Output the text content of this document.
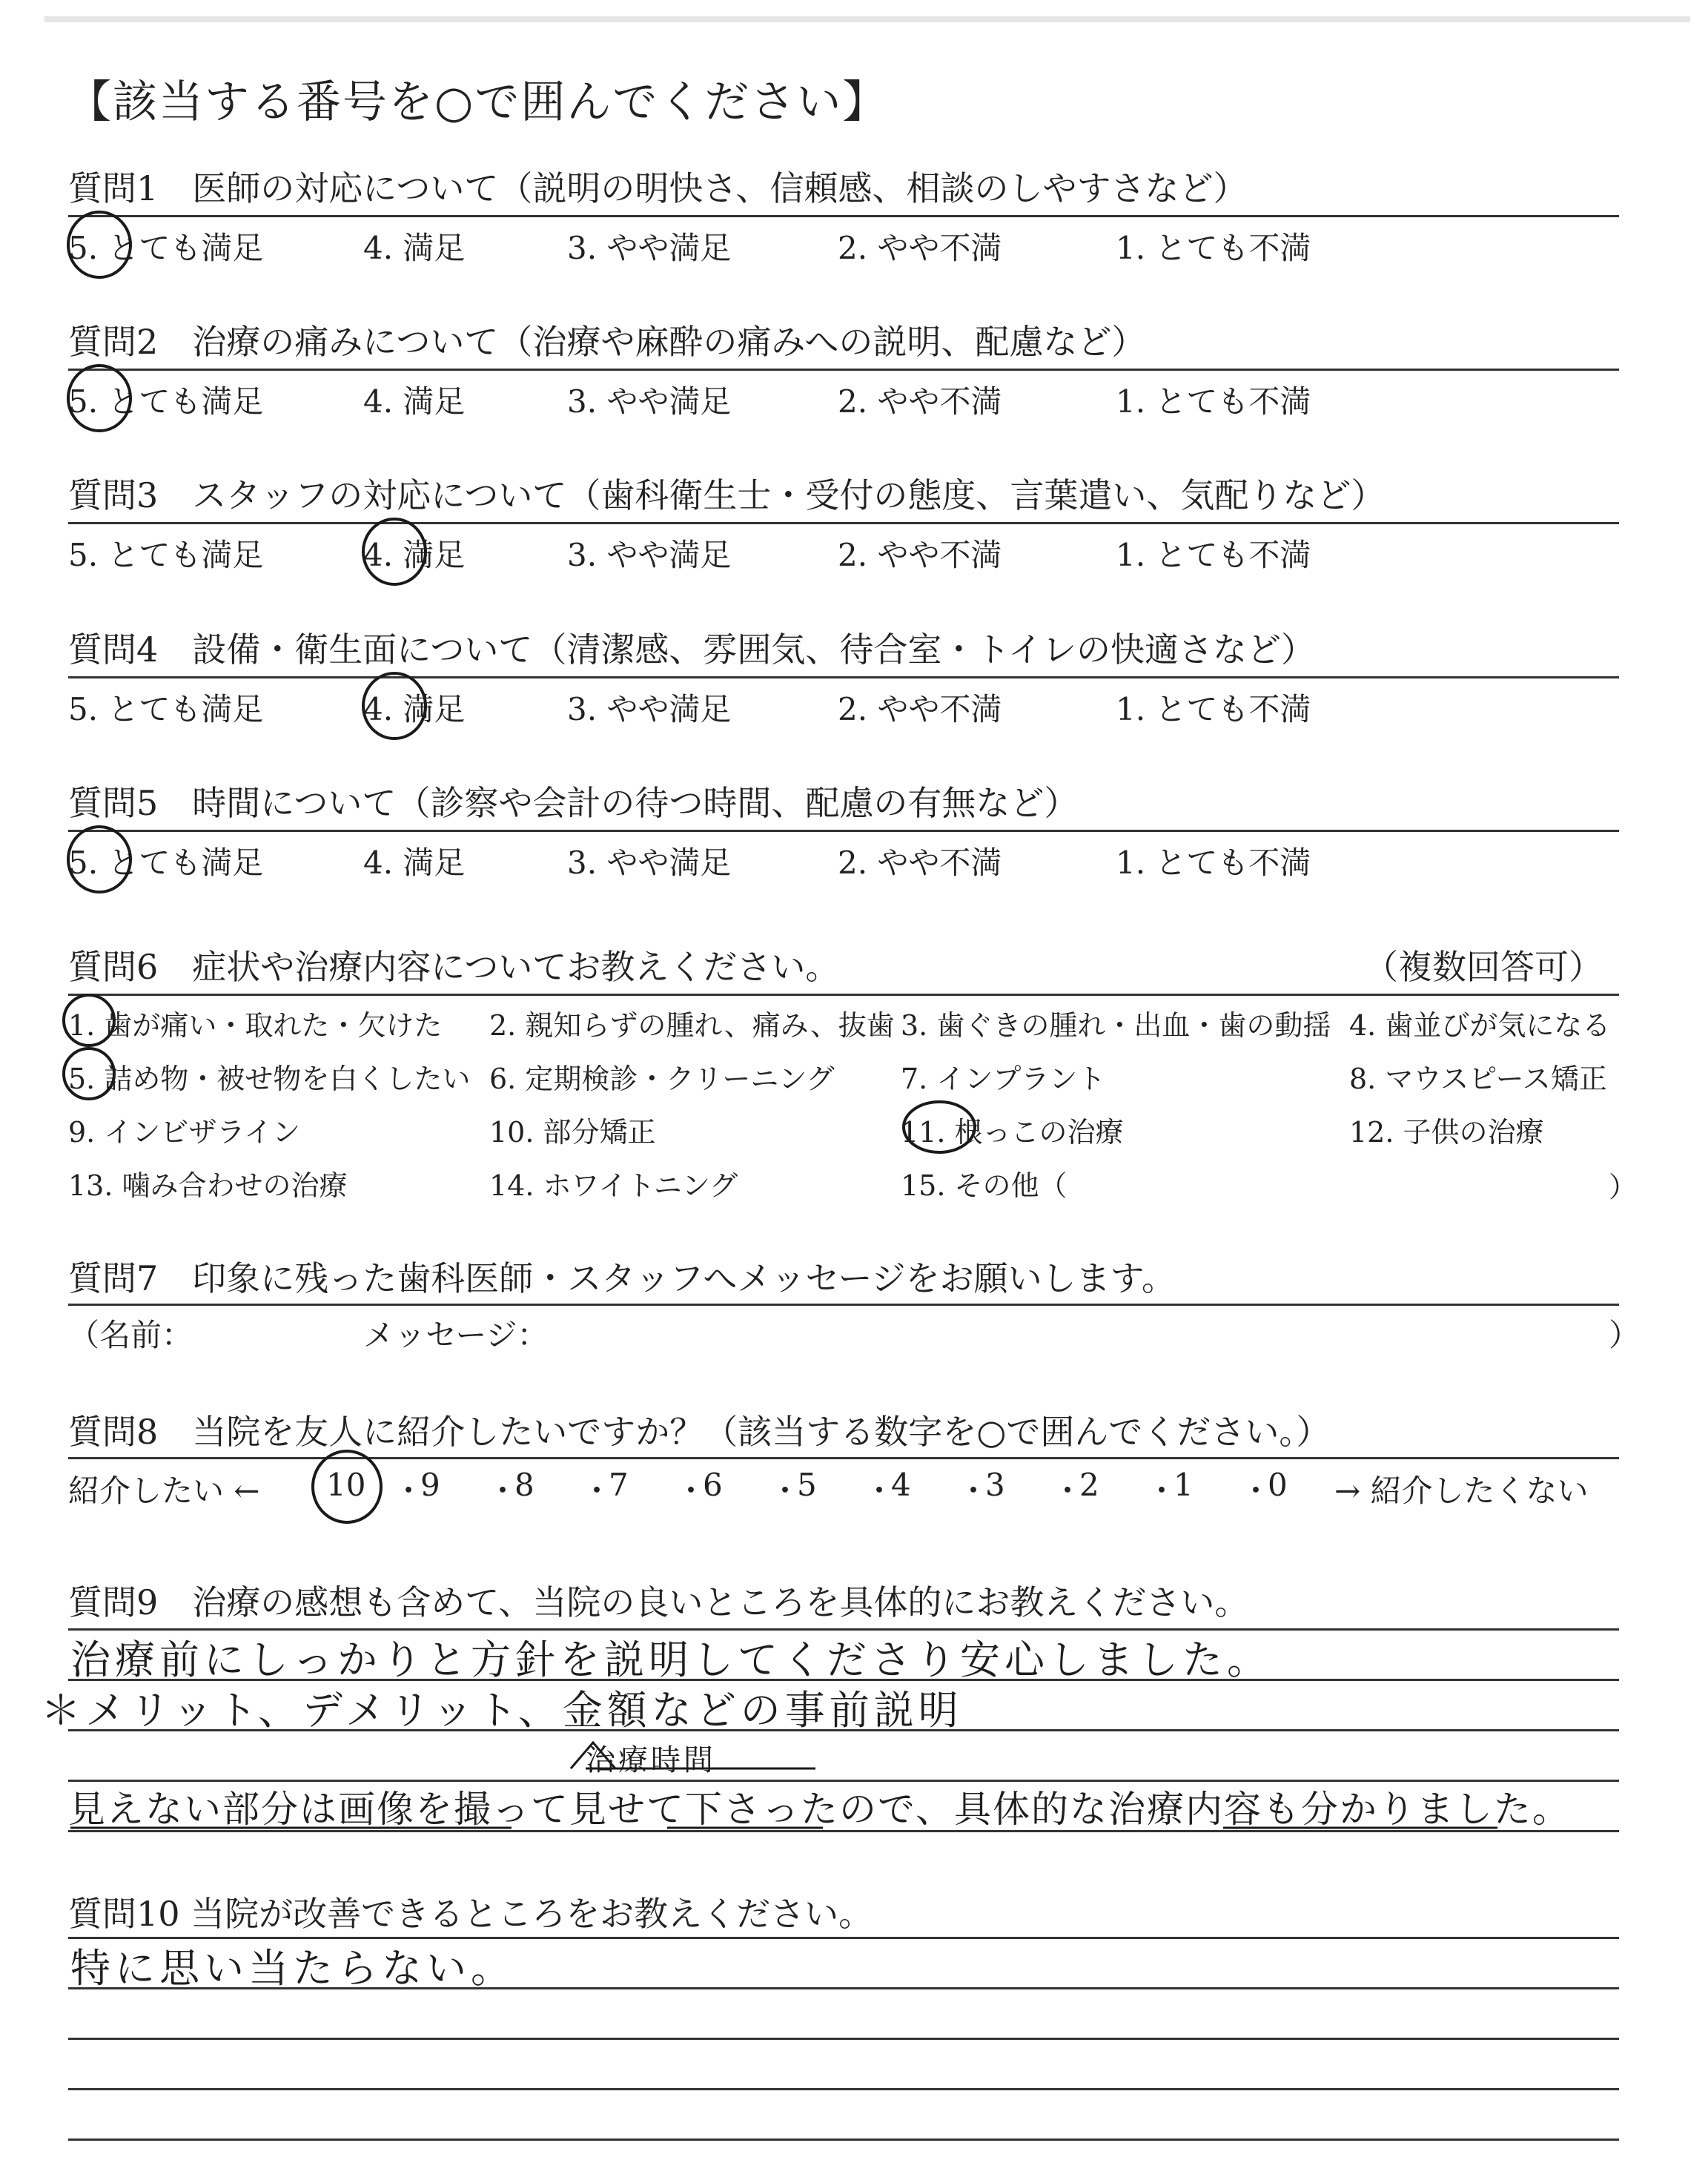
【該当する番号を○で囲んでください】
質問1　医師の対応について（説明の明快さ、信頼感、相談のしやすさなど）
5. とても満足	4. 満足	3. やや満足	2. やや不満	1. とても不満
質問2　治療の痛みについて（治療や麻酔の痛みへの説明、配慮など）
5. とても満足	4. 満足	3. やや満足	2. やや不満	1. とても不満
質問3　スタッフの対応について（歯科衛生士・受付の態度、言葉遣い、気配りなど）
5. とても満足	4. 満足	3. やや満足	2. やや不満	1. とても不満
質問4　設備・衛生面について（清潔感、雰囲気、待合室・トイレの快適さなど）
5. とても満足	4. 満足	3. やや満足	2. やや不満	1. とても不満
質問5　時間について（診察や会計の待つ時間、配慮の有無など）
5. とても満足	4. 満足	3. やや満足	2. やや不満	1. とても不満
質問6　症状や治療内容についてお教えください。	（複数回答可）
1. 歯が痛い・取れた・欠けた 2. 親知らずの腫れ、痛み、抜歯 3. 歯ぐきの腫れ・出血・歯の動揺 4. 歯並びが気になる
5. 詰め物・被せ物を白くしたい 6. 定期検診・クリーニング 7. インプラント	8. マウスピース矯正
9. インビザライン	10. 部分矯正	11. 根っこの治療	12. 子供の治療
13. 噛み合わせの治療	14. ホワイトニング	15. その他（	）
質問7　印象に残った歯科医師・スタッフへメッセージをお願いします。
（名前：	メッセージ：	）
質問8　当院を友人に紹介したいですか？（該当する数字を○で囲んでください。）
紹介したい ← 10 ・
9 ・
8 ・
7 ・
6 ・
5 ・
4 ・
3 ・
2 ・
1 ・
0 → 紹介したくない
質問9　治療の感想も含めて、当院の良いところを具体的にお教えください。
治療前にしっかりと方針を説明してくださり安心しました。
＊メリット、デメリット、金額などの事前説明
治療時間
見えない部分は画像を撮って見せて下さったので、具体的な治療内容も分かりました。
質問10 当院が改善できるところをお教えください。
特に思い当たらない。
